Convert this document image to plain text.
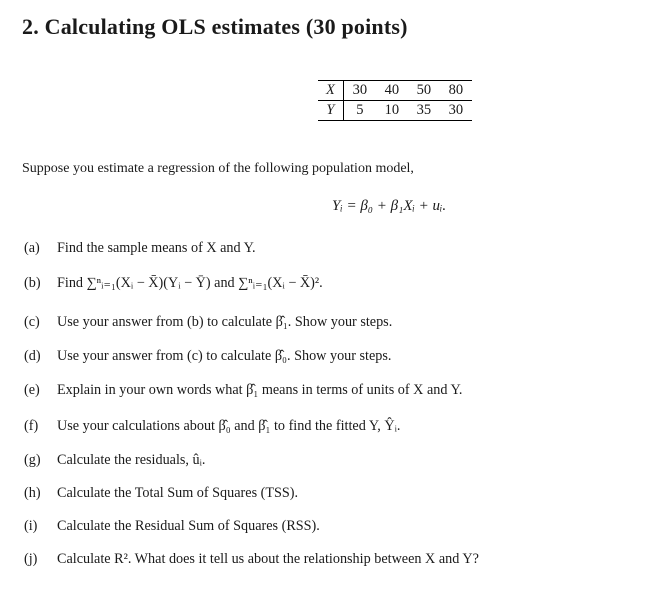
2. Calculating OLS estimates (30 points)
X	30	40	50	80
Y	5	10	35	30
Suppose you estimate a regression of the following population model,
Yᵢ = β₀ + β₁Xᵢ + uᵢ.
(a) Find the sample means of X and Y.
(b) Find ∑ⁿᵢ₌₁(Xᵢ − X̄)(Yᵢ − Ȳ) and ∑ⁿᵢ₌₁(Xᵢ − X̄)².
(c) Use your answer from (b) to calculate β̂₁. Show your steps.
(d) Use your answer from (c) to calculate β̂₀. Show your steps.
(e) Explain in your own words what β̂₁ means in terms of units of X and Y.
(f) Use your calculations about β̂₀ and β̂₁ to find the fitted Y, Ŷᵢ.
(g) Calculate the residuals, ûᵢ.
(h) Calculate the Total Sum of Squares (TSS).
(i) Calculate the Residual Sum of Squares (RSS).
(j) Calculate R². What does it tell us about the relationship between X and Y?
